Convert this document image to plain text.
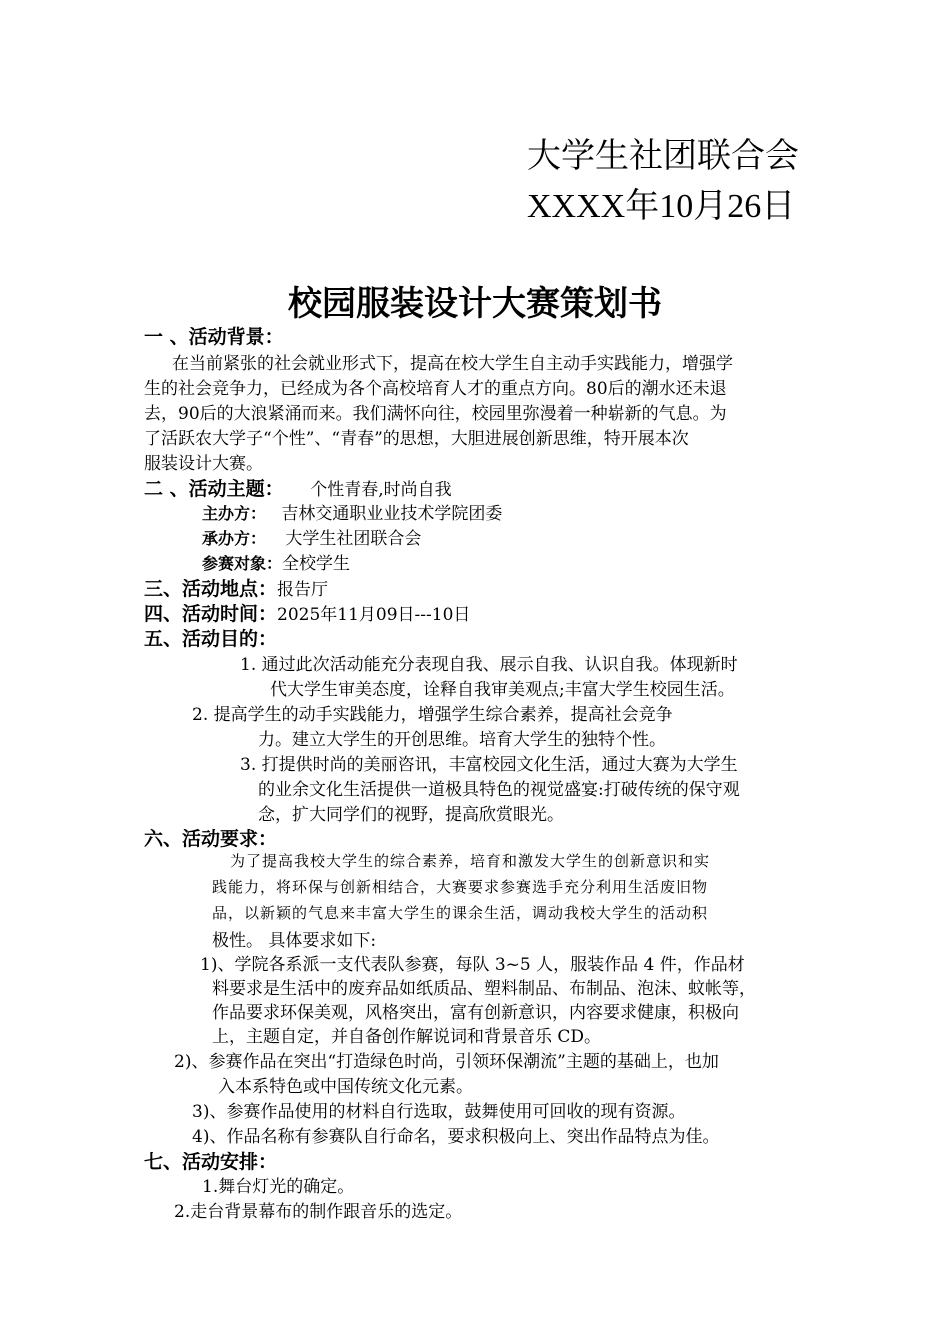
大学生社团联合会
XXXX年10月26日
校园服装设计大赛策划书
一 、活动背景：
在当前紧张的社会就业形式下，提高在校大学生自主动手实践能力，增强学
生的社会竞争力，已经成为各个高校培育人才的重点方向。80后的潮水还未退
去，90后的大浪紧涌而来。我们满怀向往，校园里弥漫着一种崭新的气息。为
了活跃农大学子“个性”、“青春”的思想，大胆进展创新思维，特开展本次
服装设计大赛。
二 、活动主题： 个性青春,时尚自我
主办方： 吉林交通职业业技术学院团委
承办方： 大学生社团联合会
参赛对象：全校学生
三、活动地点：报告厅
四、活动时间：2025年11月09日---10日
五、活动目的：
1. 通过此次活动能充分表现自我、展示自我、认识自我。体现新时
代大学生审美态度，诠释自我审美观点;丰富大学生校园生活。
2. 提高学生的动手实践能力，增强学生综合素养，提高社会竞争
力。建立大学生的开创思维。培育大学生的独特个性。
3. 打提供时尚的美丽咨讯，丰富校园文化生活，通过大赛为大学生
的业余文化生活提供一道极具特色的视觉盛宴:打破传统的保守观
念，扩大同学们的视野，提高欣赏眼光。
六、活动要求：
为了提高我校大学生的综合素养，培育和激发大学生的创新意识和实
践能力，将环保与创新相结合，大赛要求参赛选手充分利用生活废旧物
品，以新颖的气息来丰富大学生的课余生活，调动我校大学生的活动积
极性。 具体要求如下:
1)、学院各系派一支代表队参赛，每队 3~5 人，服装作品 4 件，作品材
料要求是生活中的废弃品如纸质品、塑料制品、布制品、泡沫、蚊帐等，
作品要求环保美观，风格突出，富有创新意识，内容要求健康，积极向
上，主题自定，并自备创作解说词和背景音乐 CD。
2)、参赛作品在突出“打造绿色时尚，引领环保潮流”主题的基础上，也加
入本系特色或中国传统文化元素。
3)、参赛作品使用的材料自行选取，鼓舞使用可回收的现有资源。
4)、作品名称有参赛队自行命名，要求积极向上、突出作品特点为佳。
七、活动安排：
1.舞台灯光的确定。
2.走台背景幕布的制作跟音乐的选定。
